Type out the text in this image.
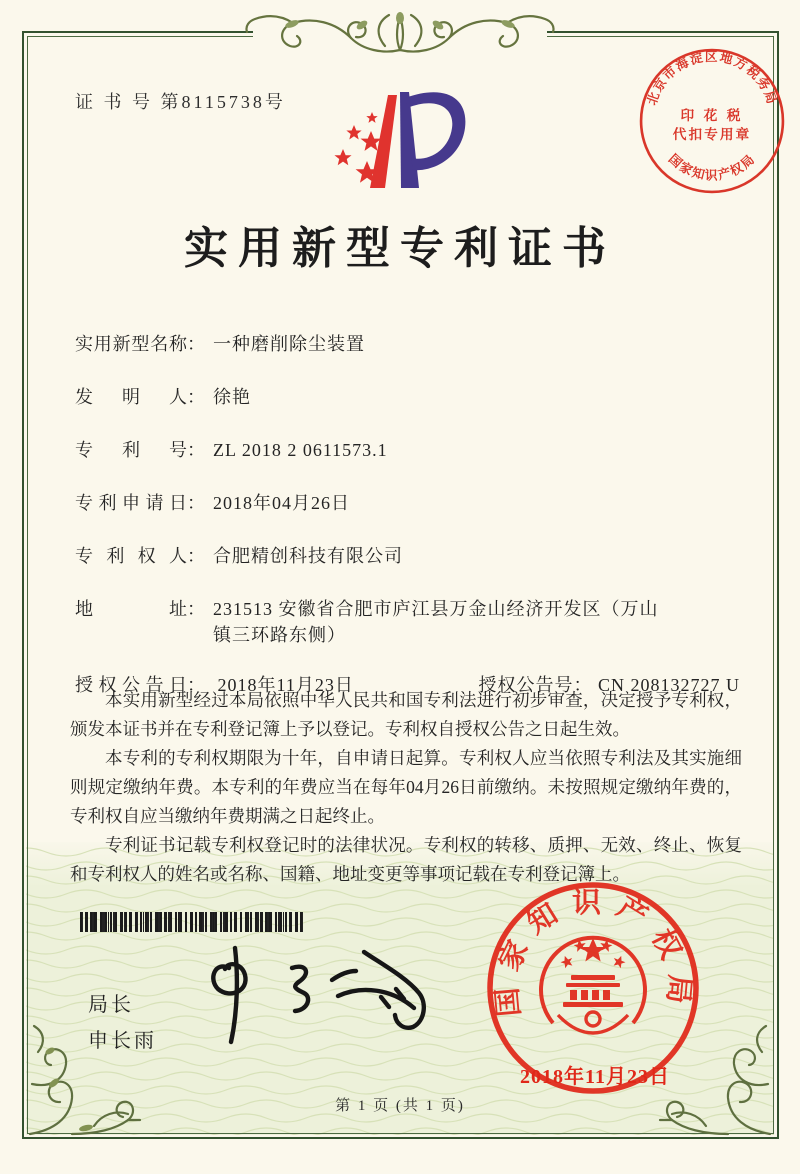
证 书 号 第8115738号	北京市海淀区地方税务局
印 花 税
代扣专用章
国家知识产权局
实用新型专利证书
实用新型名称 ： 一种磨削除尘装置
发明人 ： 徐艳
专利号 ： ZL 2018 2 0611573.1
专利申请日 ： 2018年04月26日
专利权人 ： 合肥精创科技有限公司
地址 ： 231513 安徽省合肥市庐江县万金山经济开发区（万山镇三环路东侧）
授权公告日： 2018年11月23日	授权公告号： CN 208132727 U

本实用新型经过本局依照中华人民共和国专利法进行初步审查，决定授予专利权，颁发本证书并在专利登记簿上予以登记。专利权自授权公告之日起生效。

本专利的专利权期限为十年，自申请日起算。专利权人应当依照专利法及其实施细则规定缴纳年费。本专利的年费应当在每年04月26日前缴纳。未按照规定缴纳年费的，专利权自应当缴纳年费期满之日起终止。

专利证书记载专利权登记时的法律状况。专利权的转移、质押、无效、终止、恢复和专利权人的姓名或名称、国籍、地址变更等事项记载在专利登记簿上。

局长
申长雨
国家知识产权局
2018年11月23日
第 1 页 (共 1 页)
